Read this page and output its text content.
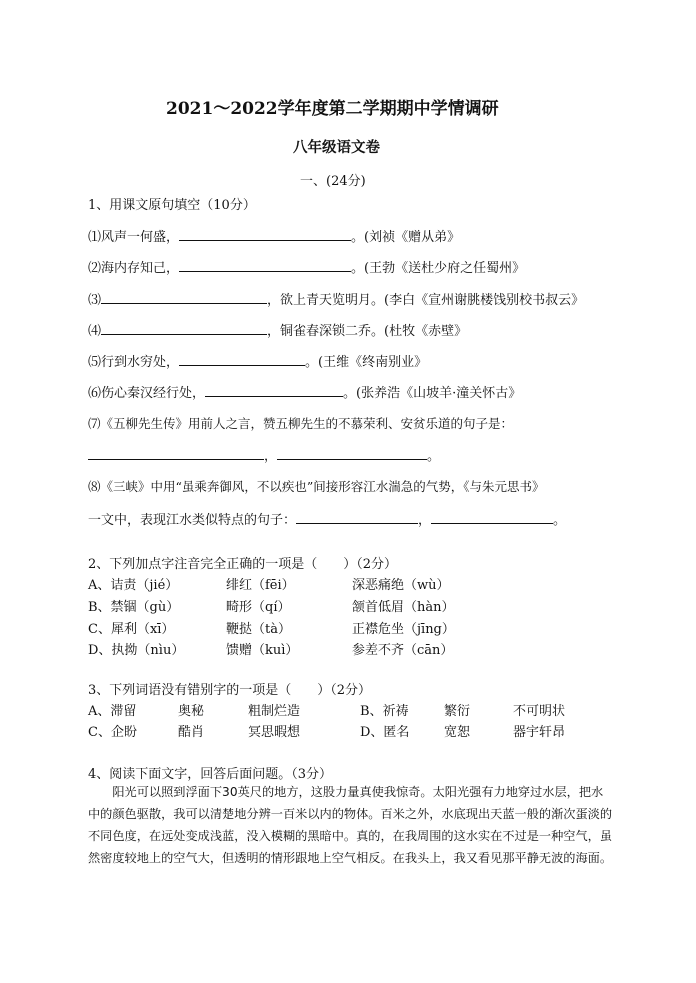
2021～2022学年度第二学期期中学情调研
八年级语文卷
一、(24分)
1、用课文原句填空（10分）
⑴风声一何盛，	。(刘祯《赠从弟》
⑵海内存知己，	。(王勃《送杜少府之任蜀州》
⑶	，欲上青天览明月。(李白《宣州谢朓楼饯别校书叔云》
⑷	，铜雀春深锁二乔。(杜牧《赤壁》
⑸行到水穷处，	。(王维《终南别业》
⑹伤心秦汉经行处，	。(张养浩《山坡羊·潼关怀古》
⑺《五柳先生传》用前人之言，赞五柳先生的不慕荣利、安贫乐道的句子是：
，	。
⑻《三峡》中用“虽乘奔御风，不以疾也”间接形容江水湍急的气势，《与朱元思书》
一文中，表现江水类似特点的句子：	，	。
2、下列加点字注音完全正确的一项是（　　）（2分）
A、诘责（jié）	绯红（fēi）	深恶痛绝（wù）
B、禁锢（gù）	畸形（qí）	颔首低眉（hàn）
C、犀利（xī）	鞭挞（tà）	正襟危坐（jīng）
D、执拗（nìu）	馈赠（kuì）	参差不齐（cān）
3、下列词语没有错别字的一项是（　　）（2分）
A、滞留	奥秘	粗制烂造	B、祈祷	繁衍	不可明状
C、企盼	酷肖	冥思暇想	D、匿名	宽恕	器宇轩昂
4、阅读下面文字，回答后面问题。（3分）
　　阳光可以照到浮面下30英尺的地方，这股力量真使我惊奇。太阳光强有力地穿过水层，把水中的颜色驱散，我可以清楚地分辨一百米以内的物体。百米之外，水底现出天蓝一般的渐次蛋淡的不同色度，在远处变成浅蓝，没入模糊的黑暗中。真的，在我周围的这水实在不过是一种空气，虽然密度较地上的空气大，但透明的情形跟地上空气相反。在我头上，我又看见那平静无波的海面。
